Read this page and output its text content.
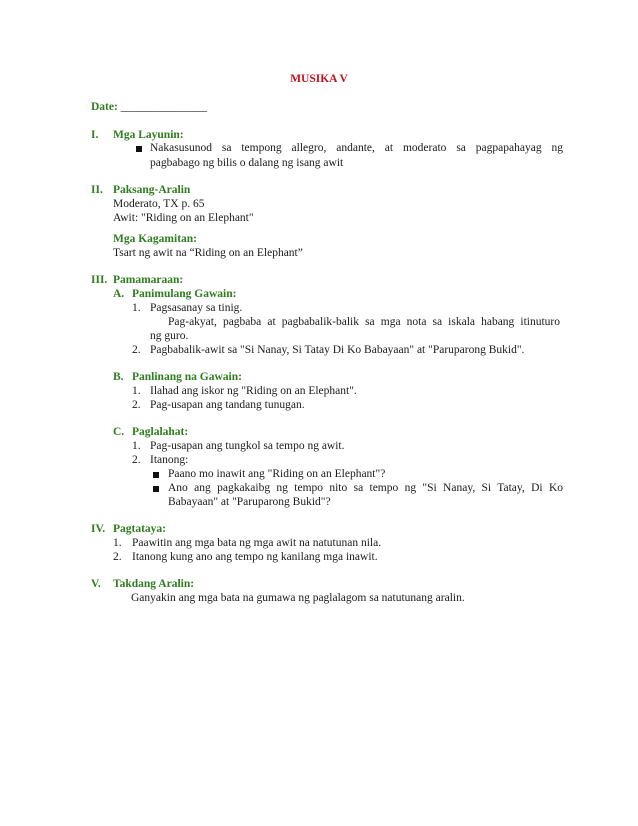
MUSIKA V
Date: _______________
I. Mga Layunin:
Nakasusunod sa tempong allegro, andante, at moderato sa pagpapahayag ng
pagbabago ng bilis o dalang ng isang awit
II. Paksang-Aralin
Moderato, TX p. 65
Awit: "Riding on an Elephant"
Mga Kagamitan:
Tsart ng awit na “Riding on an Elephant”
III. Pamamaraan:
A. Panimulang Gawain:
1. Pagsasanay sa tinig.
Pag-akyat, pagbaba at pagbabalik-balik sa mga nota sa iskala habang itinuturo
ng guro.
2. Pagbabalik-awit sa "Si Nanay, Si Tatay Di Ko Babayaan" at "Paruparong Bukid".
B. Panlinang na Gawain:
1. Ilahad ang iskor ng "Riding on an Elephant".
2. Pag-usapan ang tandang tunugan.
C. Paglalahat:
1. Pag-usapan ang tungkol sa tempo ng awit.
2. Itanong:
Paano mo inawit ang "Riding on an Elephant"?
Ano ang pagkakaibg ng tempo nito sa tempo ng "Si Nanay, Si Tatay, Di Ko
Babayaan" at "Paruparong Bukid"?
IV. Pagtataya:
1. Paawitin ang mga bata ng mga awit na natutunan nila.
2. Itanong kung ano ang tempo ng kanilang mga inawit.
V. Takdang Aralin:
Ganyakin ang mga bata na gumawa ng paglalagom sa natutunang aralin.
